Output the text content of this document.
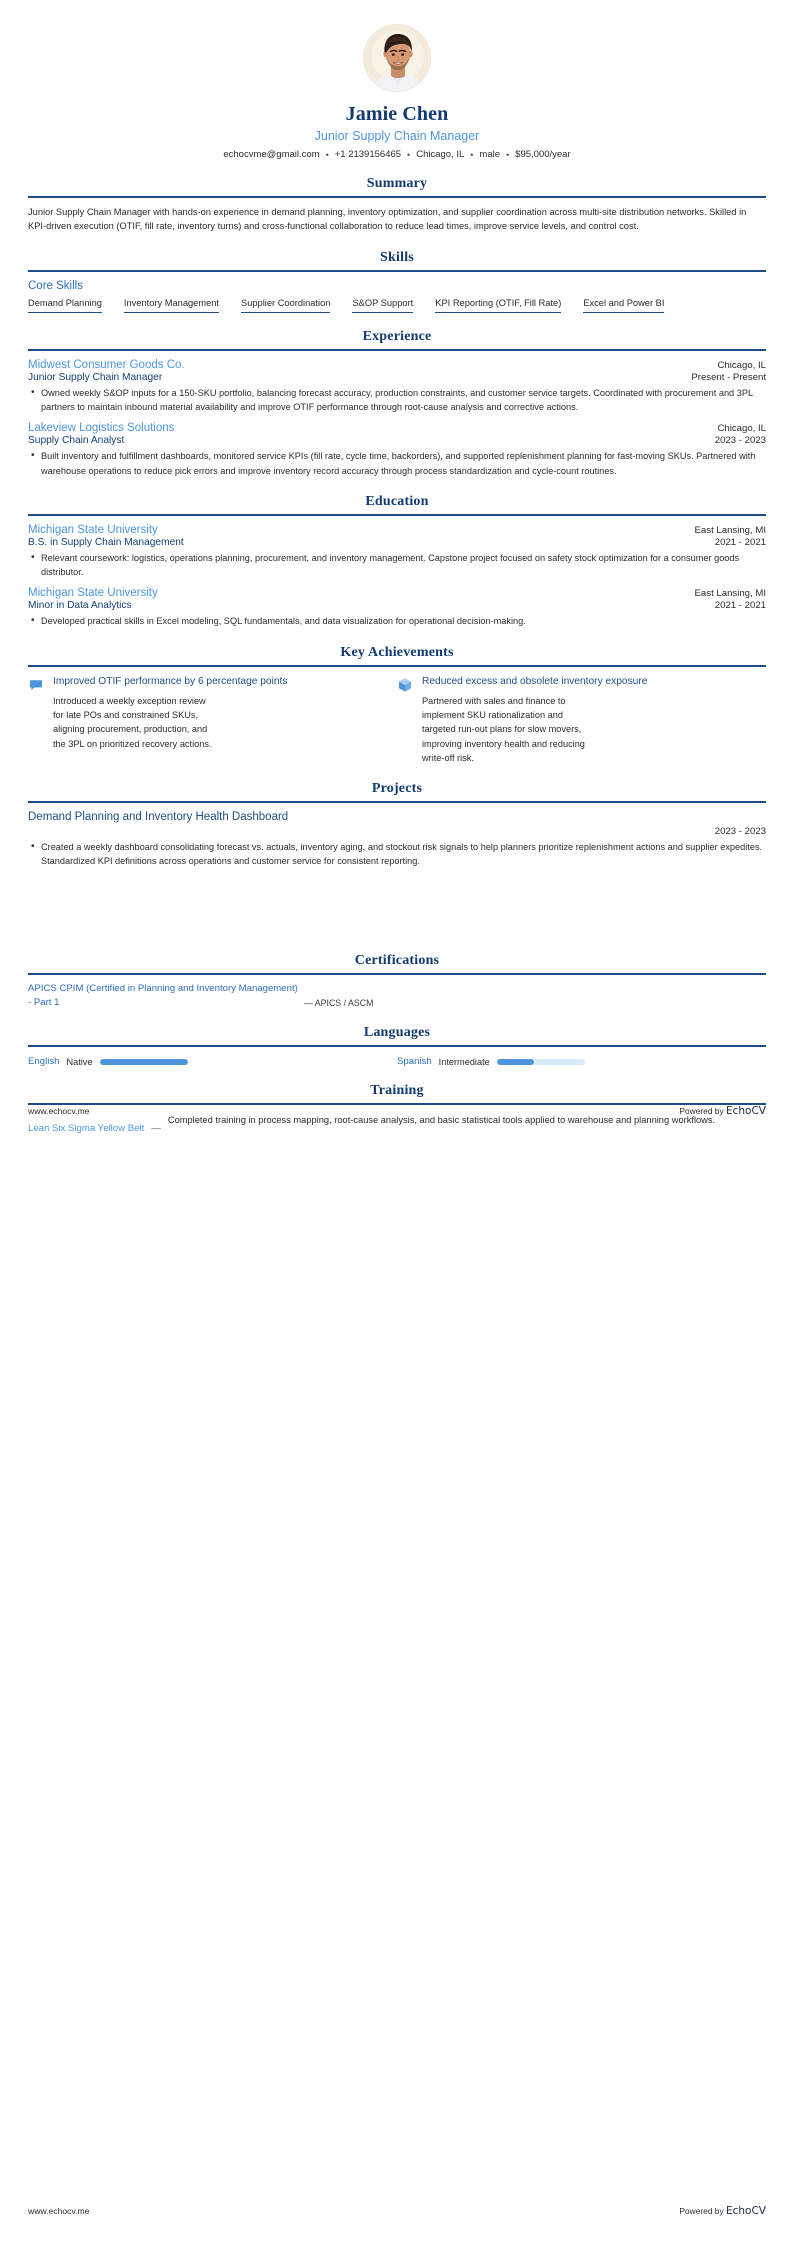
Jamie Chen
Junior Supply Chain Manager
echocvme@gmail.com • +1 2139156465 • Chicago, IL • male • $95,000/year
Summary

Junior Supply Chain Manager with hands-on experience in demand planning, inventory optimization, and supplier coordination across multi-site distribution networks. Skilled in KPI-driven execution (OTIF, fill rate, inventory turns) and cross-functional collaboration to reduce lead times, improve service levels, and control cost.

Skills
Core Skills
Demand Planning Inventory Management Supplier Coordination S&OP Support KPI Reporting (OTIF, Fill Rate) Excel and Power BI
Experience
Midwest Consumer Goods Co.	Chicago, IL
Junior Supply Chain Manager	Present - Present
• Owned weekly S&OP inputs for a 150-SKU portfolio, balancing forecast accuracy, production constraints, and customer service targets. Coordinated with procurement and 3PL partners to maintain inbound material availability and improve OTIF performance through root-cause analysis and corrective actions.
Lakeview Logistics Solutions	Chicago, IL
Supply Chain Analyst	2023 - 2023
• Built inventory and fulfillment dashboards, monitored service KPIs (fill rate, cycle time, backorders), and supported replenishment planning for fast-moving SKUs. Partnered with warehouse operations to reduce pick errors and improve inventory record accuracy through process standardization and cycle-count routines.
Education
Michigan State University	East Lansing, MI
B.S. in Supply Chain Management	2021 - 2021
• Relevant coursework: logistics, operations planning, procurement, and inventory management. Capstone project focused on safety stock optimization for a consumer goods distributor.
Michigan State University	East Lansing, MI
Minor in Data Analytics	2021 - 2021
• Developed practical skills in Excel modeling, SQL fundamentals, and data visualization for operational decision-making.
Key Achievements
Improved OTIF performance by 6 percentage points
Introduced a weekly exception review for late POs and constrained SKUs, aligning procurement, production, and the 3PL on prioritized recovery actions.
Reduced excess and obsolete inventory exposure
Partnered with sales and finance to implement SKU rationalization and targeted run-out plans for slow movers, improving inventory health and reducing write-off risk.
Projects
Demand Planning and Inventory Health Dashboard
2023 - 2023
• Created a weekly dashboard consolidating forecast vs. actuals, inventory aging, and stockout risk signals to help planners prioritize replenishment actions and supplier expedites. Standardized KPI definitions across operations and customer service for consistent reporting.
www.echocv.me	Powered by EchoCV
Certifications
APICS CPIM (Certified in Planning and Inventory Management) - Part 1	— APICS / ASCM
Languages
English Native	Spanish Intermediate
Training
Lean Six Sigma Yellow Belt —
Completed training in process mapping, root-cause analysis, and basic statistical tools applied to warehouse and planning workflows.
www.echocv.me	Powered by EchoCV
